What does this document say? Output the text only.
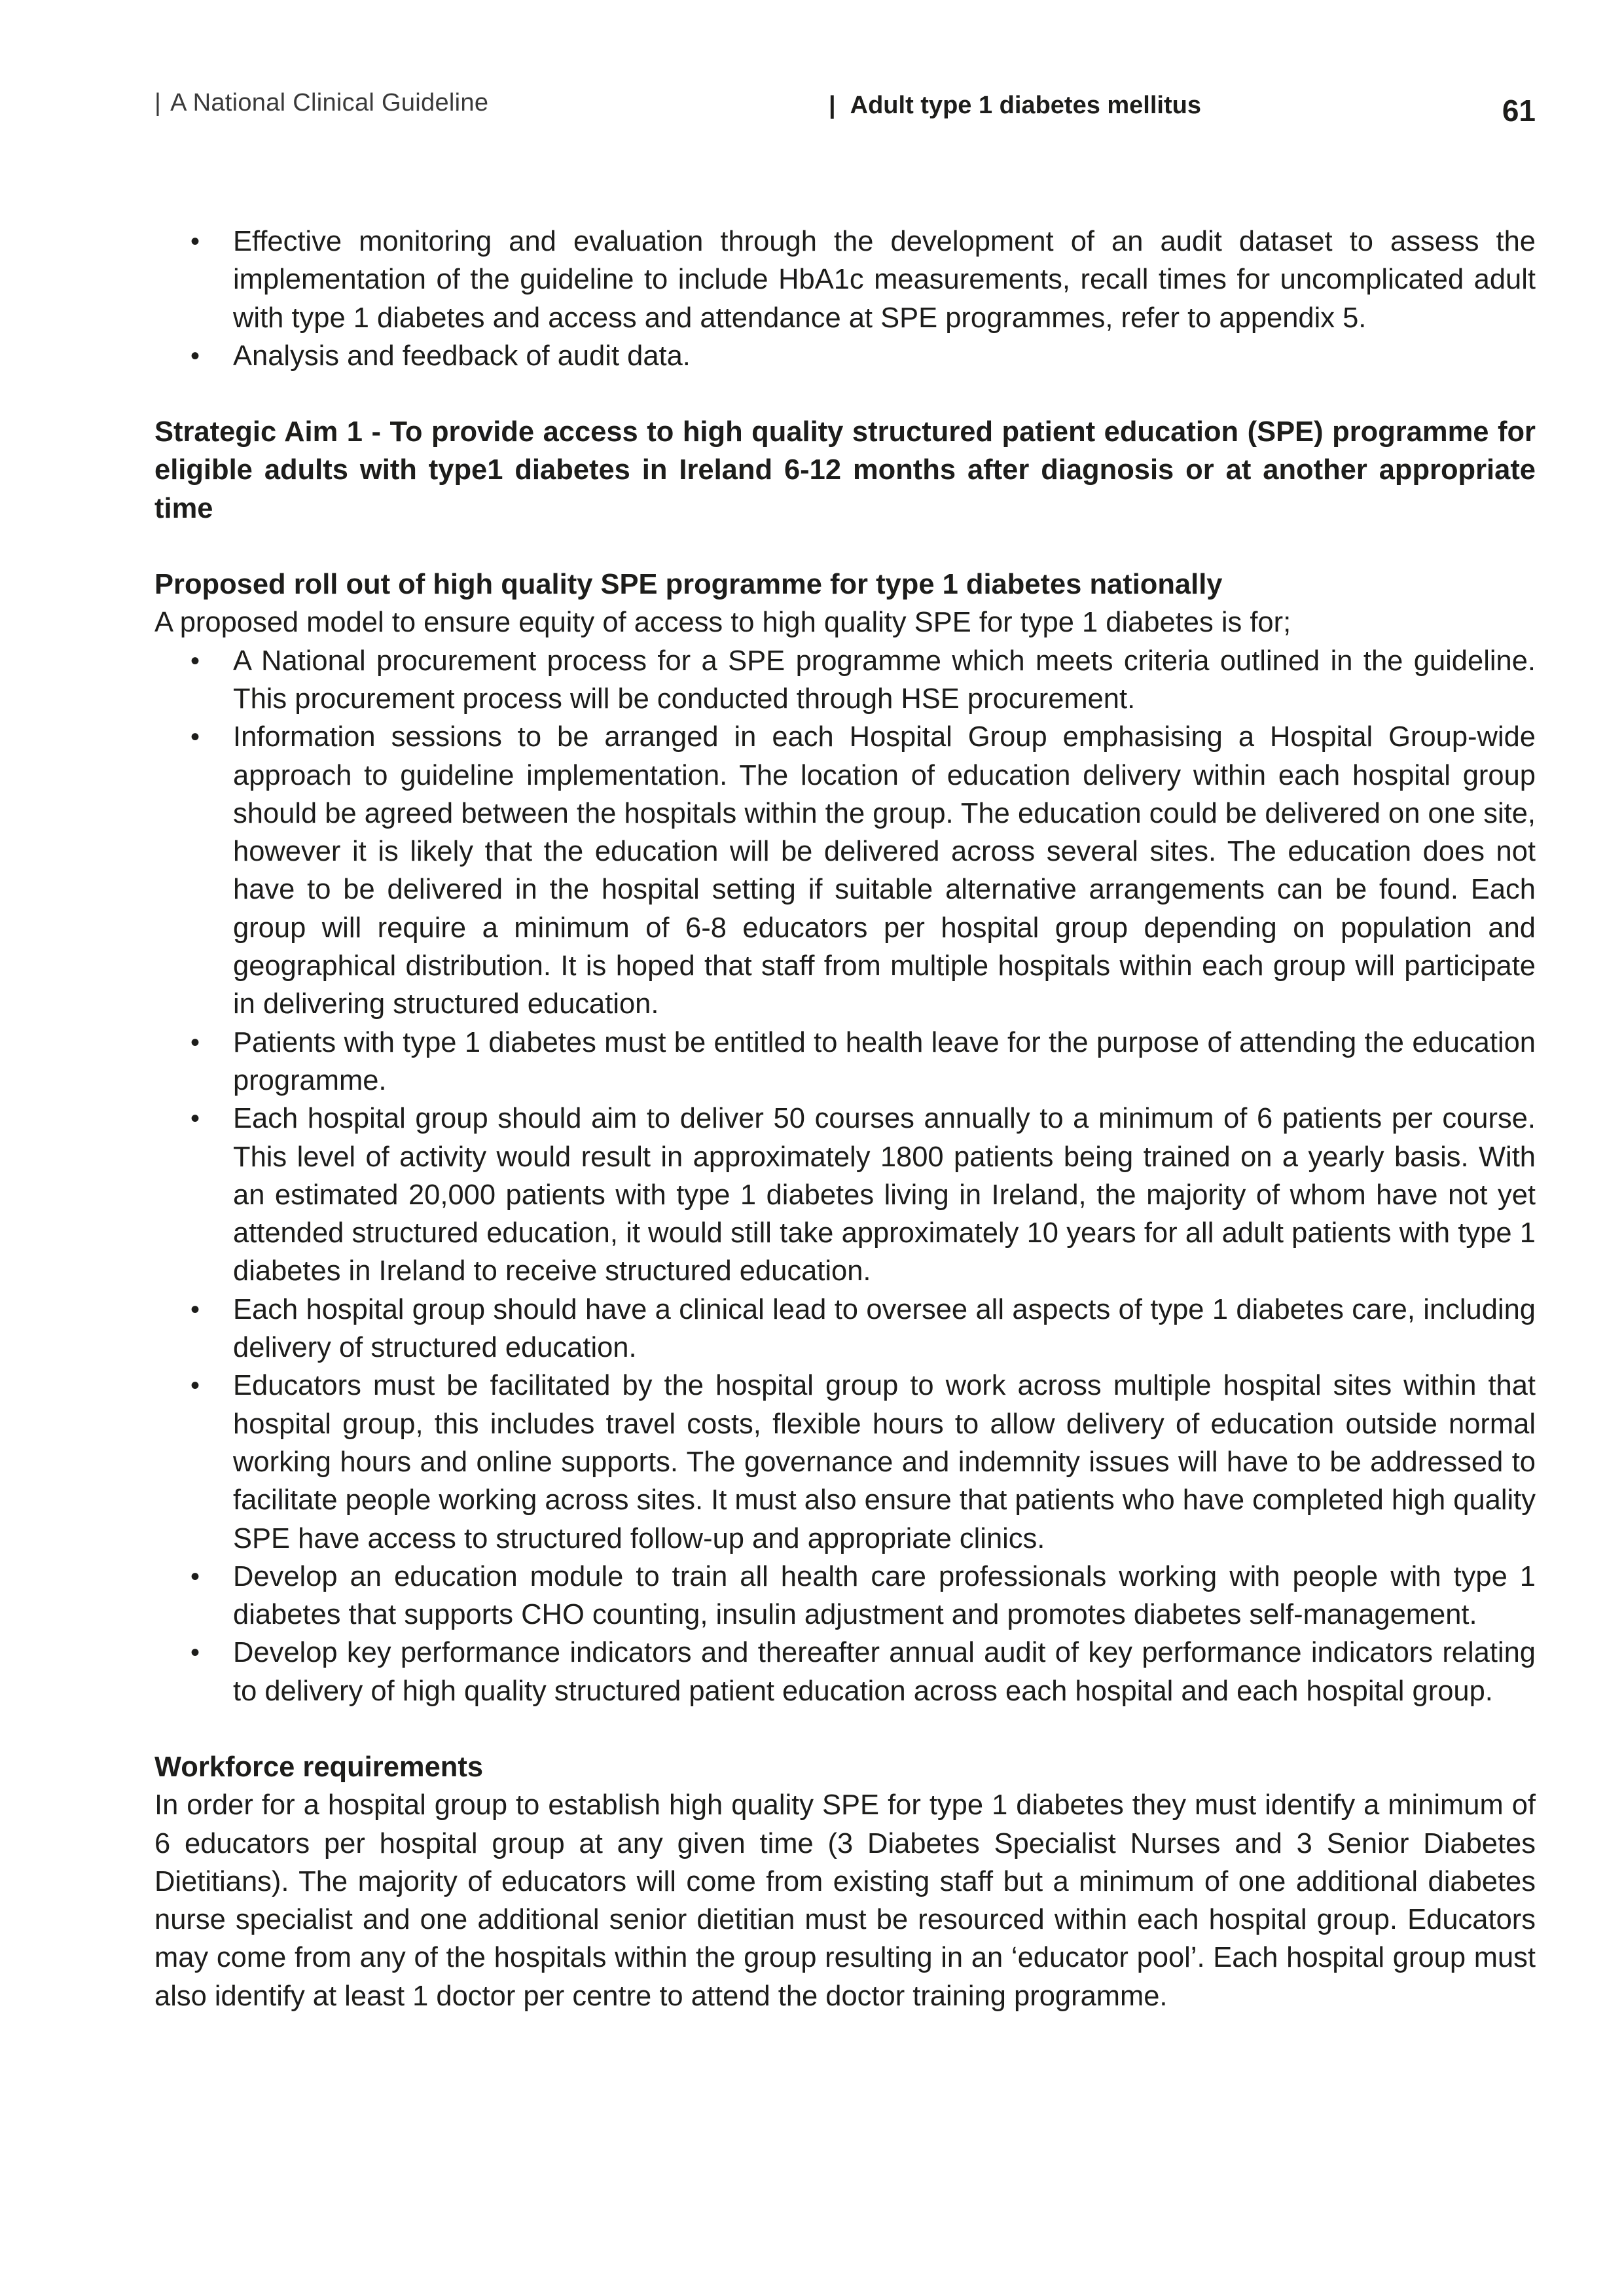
| A National Clinical Guideline	| Adult type 1 diabetes mellitus	61
• Effective monitoring and evaluation through the development of an audit dataset to assess the implementation of the guideline to include HbA1c measurements, recall times for uncomplicated adult with type 1 diabetes and access and attendance at SPE programmes, refer to appendix 5.
• Analysis and feedback of audit data.

Strategic Aim 1 - To provide access to high quality structured patient education (SPE) programme for eligible adults with type1 diabetes in Ireland 6-12 months after diagnosis or at another appropriate time

Proposed roll out of high quality SPE programme for type 1 diabetes nationally

A proposed model to ensure equity of access to high quality SPE for type 1 diabetes is for;

• A National procurement process for a SPE programme which meets criteria outlined in the guideline. This procurement process will be conducted through HSE procurement.
• Information sessions to be arranged in each Hospital Group emphasising a Hospital Group-wide approach to guideline implementation. The location of education delivery within each hospital group should be agreed between the hospitals within the group. The education could be delivered on one site, however it is likely that the education will be delivered across several sites. The education does not have to be delivered in the hospital setting if suitable alternative arrangements can be found. Each group will require a minimum of 6-8 educators per hospital group depending on population and geographical distribution. It is hoped that staff from multiple hospitals within each group will participate in delivering structured education.
• Patients with type 1 diabetes must be entitled to health leave for the purpose of attending the education programme.
• Each hospital group should aim to deliver 50 courses annually to a minimum of 6 patients per course. This level of activity would result in approximately 1800 patients being trained on a yearly basis. With an estimated 20,000 patients with type 1 diabetes living in Ireland, the majority of whom have not yet attended structured education, it would still take approximately 10 years for all adult patients with type 1 diabetes in Ireland to receive structured education.
• Each hospital group should have a clinical lead to oversee all aspects of type 1 diabetes care, including delivery of structured education.
• Educators must be facilitated by the hospital group to work across multiple hospital sites within that hospital group, this includes travel costs, flexible hours to allow delivery of education outside normal working hours and online supports. The governance and indemnity issues will have to be addressed to facilitate people working across sites. It must also ensure that patients who have completed high quality SPE have access to structured follow-up and appropriate clinics.
• Develop an education module to train all health care professionals working with people with type 1 diabetes that supports CHO counting, insulin adjustment and promotes diabetes self-management.
• Develop key performance indicators and thereafter annual audit of key performance indicators relating to delivery of high quality structured patient education across each hospital and each hospital group.

Workforce requirements

In order for a hospital group to establish high quality SPE for type 1 diabetes they must identify a minimum of 6 educators per hospital group at any given time (3 Diabetes Specialist Nurses and 3 Senior Diabetes Dietitians). The majority of educators will come from existing staff but a minimum of one additional diabetes nurse specialist and one additional senior dietitian must be resourced within each hospital group. Educators may come from any of the hospitals within the group resulting in an ‘educator pool’. Each hospital group must also identify at least 1 doctor per centre to attend the doctor training programme.
